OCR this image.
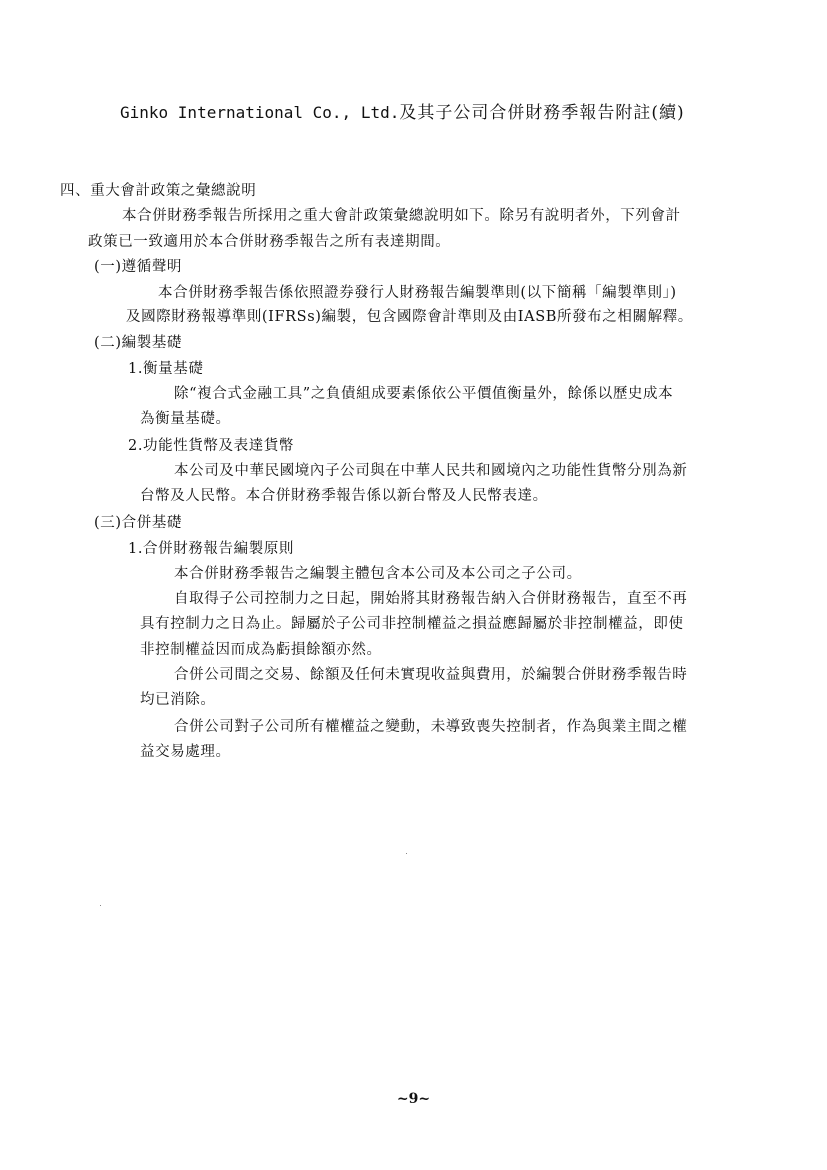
Ginko International Co., Ltd.及其子公司合併財務季報告附註(續)
四、重大會計政策之彙總說明
本合併財務季報告所採用之重大會計政策彙總說明如下。除另有說明者外，下列會計
政策已一致適用於本合併財務季報告之所有表達期間。
(一)遵循聲明
本合併財務季報告係依照證券發行人財務報告編製準則(以下簡稱「編製準則」)
及國際財務報導準則(IFRSs)編製，包含國際會計準則及由IASB所發布之相關解釋。
(二)編製基礎
1.衡量基礎
除“複合式金融工具”之負債組成要素係依公平價值衡量外，餘係以歷史成本
為衡量基礎。
2.功能性貨幣及表達貨幣
本公司及中華民國境內子公司與在中華人民共和國境內之功能性貨幣分別為新
台幣及人民幣。本合併財務季報告係以新台幣及人民幣表達。
(三)合併基礎
1.合併財務報告編製原則
本合併財務季報告之編製主體包含本公司及本公司之子公司。
自取得子公司控制力之日起，開始將其財務報告納入合併財務報告，直至不再
具有控制力之日為止。歸屬於子公司非控制權益之損益應歸屬於非控制權益，即使
非控制權益因而成為虧損餘額亦然。
合併公司間之交易、餘額及任何未實現收益與費用，於編製合併財務季報告時
均已消除。
合併公司對子公司所有權權益之變動，未導致喪失控制者，作為與業主間之權
益交易處理。
~9~
